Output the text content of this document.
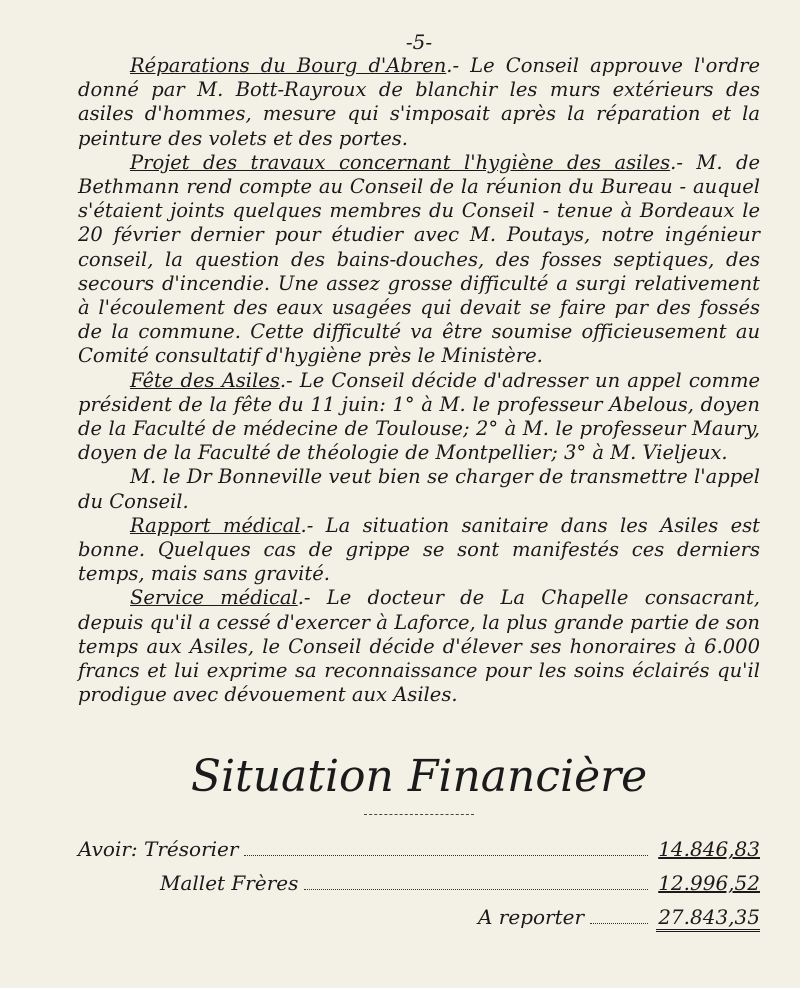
-5-

Réparations du Bourg d'Abren.- Le Conseil approuve l'ordre donné par M. Bott-Rayroux de blanchir les murs extérieurs des asiles d'hommes, mesure qui s'imposait après la réparation et la peinture des volets et des portes.

Projet des travaux concernant l'hygiène des asiles.- M. de Bethmann rend compte au Conseil de la réunion du Bureau - auquel s'étaient joints quelques membres du Conseil - tenue à Bordeaux le 20 février dernier pour étudier avec M. Poutays, notre ingénieur conseil, la question des bains-douches, des fosses septiques, des secours d'incendie. Une assez grosse difficulté a surgi relativement à l'écoulement des eaux usagées qui devait se faire par des fossés de la commune. Cette difficulté va être soumise officieusement au Comité consultatif d'hygiène près le Ministère.

Fête des Asiles.- Le Conseil décide d'adresser un appel comme président de la fête du 11 juin: 1° à M. le professeur Abelous, doyen de la Faculté de médecine de Toulouse; 2° à M. le professeur Maury, doyen de la Faculté de théologie de Montpellier; 3° à M. Vieljeux.

M. le Dr Bonneville veut bien se charger de transmettre l'appel du Conseil.

Rapport médical.- La situation sanitaire dans les Asiles est bonne. Quelques cas de grippe se sont manifestés ces derniers temps, mais sans gravité.

Service médical.- Le docteur de La Chapelle consacrant, depuis qu'il a cessé d'exercer à Laforce, la plus grande partie de son temps aux Asiles, le Conseil décide d'élever ses honoraires à 6.000 francs et lui exprime sa reconnaissance pour les soins éclairés qu'il prodigue avec dévouement aux Asiles.

Situation Financière
Avoir: Trésorier	14.846,83
Mallet Frères	12.996,52
A reporter	27.843,35
